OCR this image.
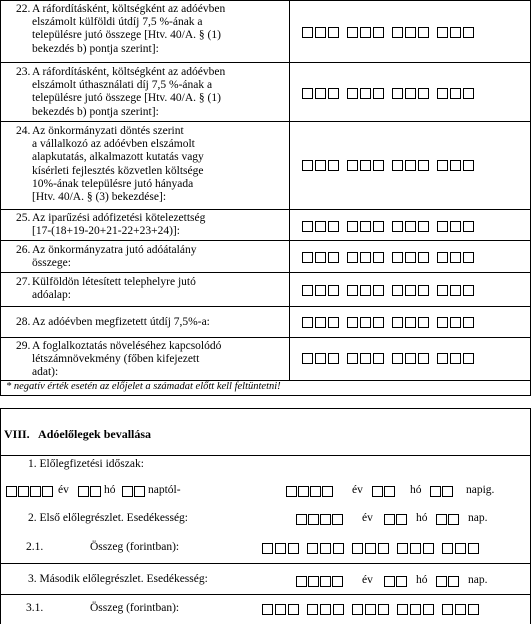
22. A ráfordításként, költségként az adóévben
elszámolt külföldi útdíj 7,5 %-ának a
településre jutó összege [Htv. 40/A. § (1)
bekezdés b) pontja szerint]:
23. A ráfordításként, költségként az adóévben
elszámolt úthasználati díj 7,5 %-ának a
településre jutó összege [Htv. 40/A. § (1)
bekezdés b) pontja szerint]:
24. Az önkormányzati döntés szerint
a vállalkozó az adóévben elszámolt
alapkutatás, alkalmazott kutatás vagy
kísérleti fejlesztés közvetlen költsége
10%-ának településre jutó hányada
[Htv. 40/A. § (3) bekezdése]:
25. Az iparűzési adófizetési kötelezettség
[17-(18+19-20+21-22+23+24)]:
26. Az önkormányzatra jutó adóátalány
összege:
27. Külföldön létesített telephelyre jutó
adóalap:
28. Az adóévben megfizetett útdíj 7,5%-a:
29. A foglalkoztatás növeléséhez kapcsolódó
létszámnövekmény (főben kifejezett
adat):
* negatív érték esetén az előjelet a számadat előtt kell feltüntetni!
VIII. Adóelőlegek bevallása
1. Előlegfizetési időszak:
év	hó	naptól-	év	hó	napig.
2. Első előlegrészlet. Esedékesség:	év	hó	nap.
2.1.	Összeg (forintban):
3. Második előlegrészlet. Esedékesség:	év	hó	nap.
3.1.	Összeg (forintban):
